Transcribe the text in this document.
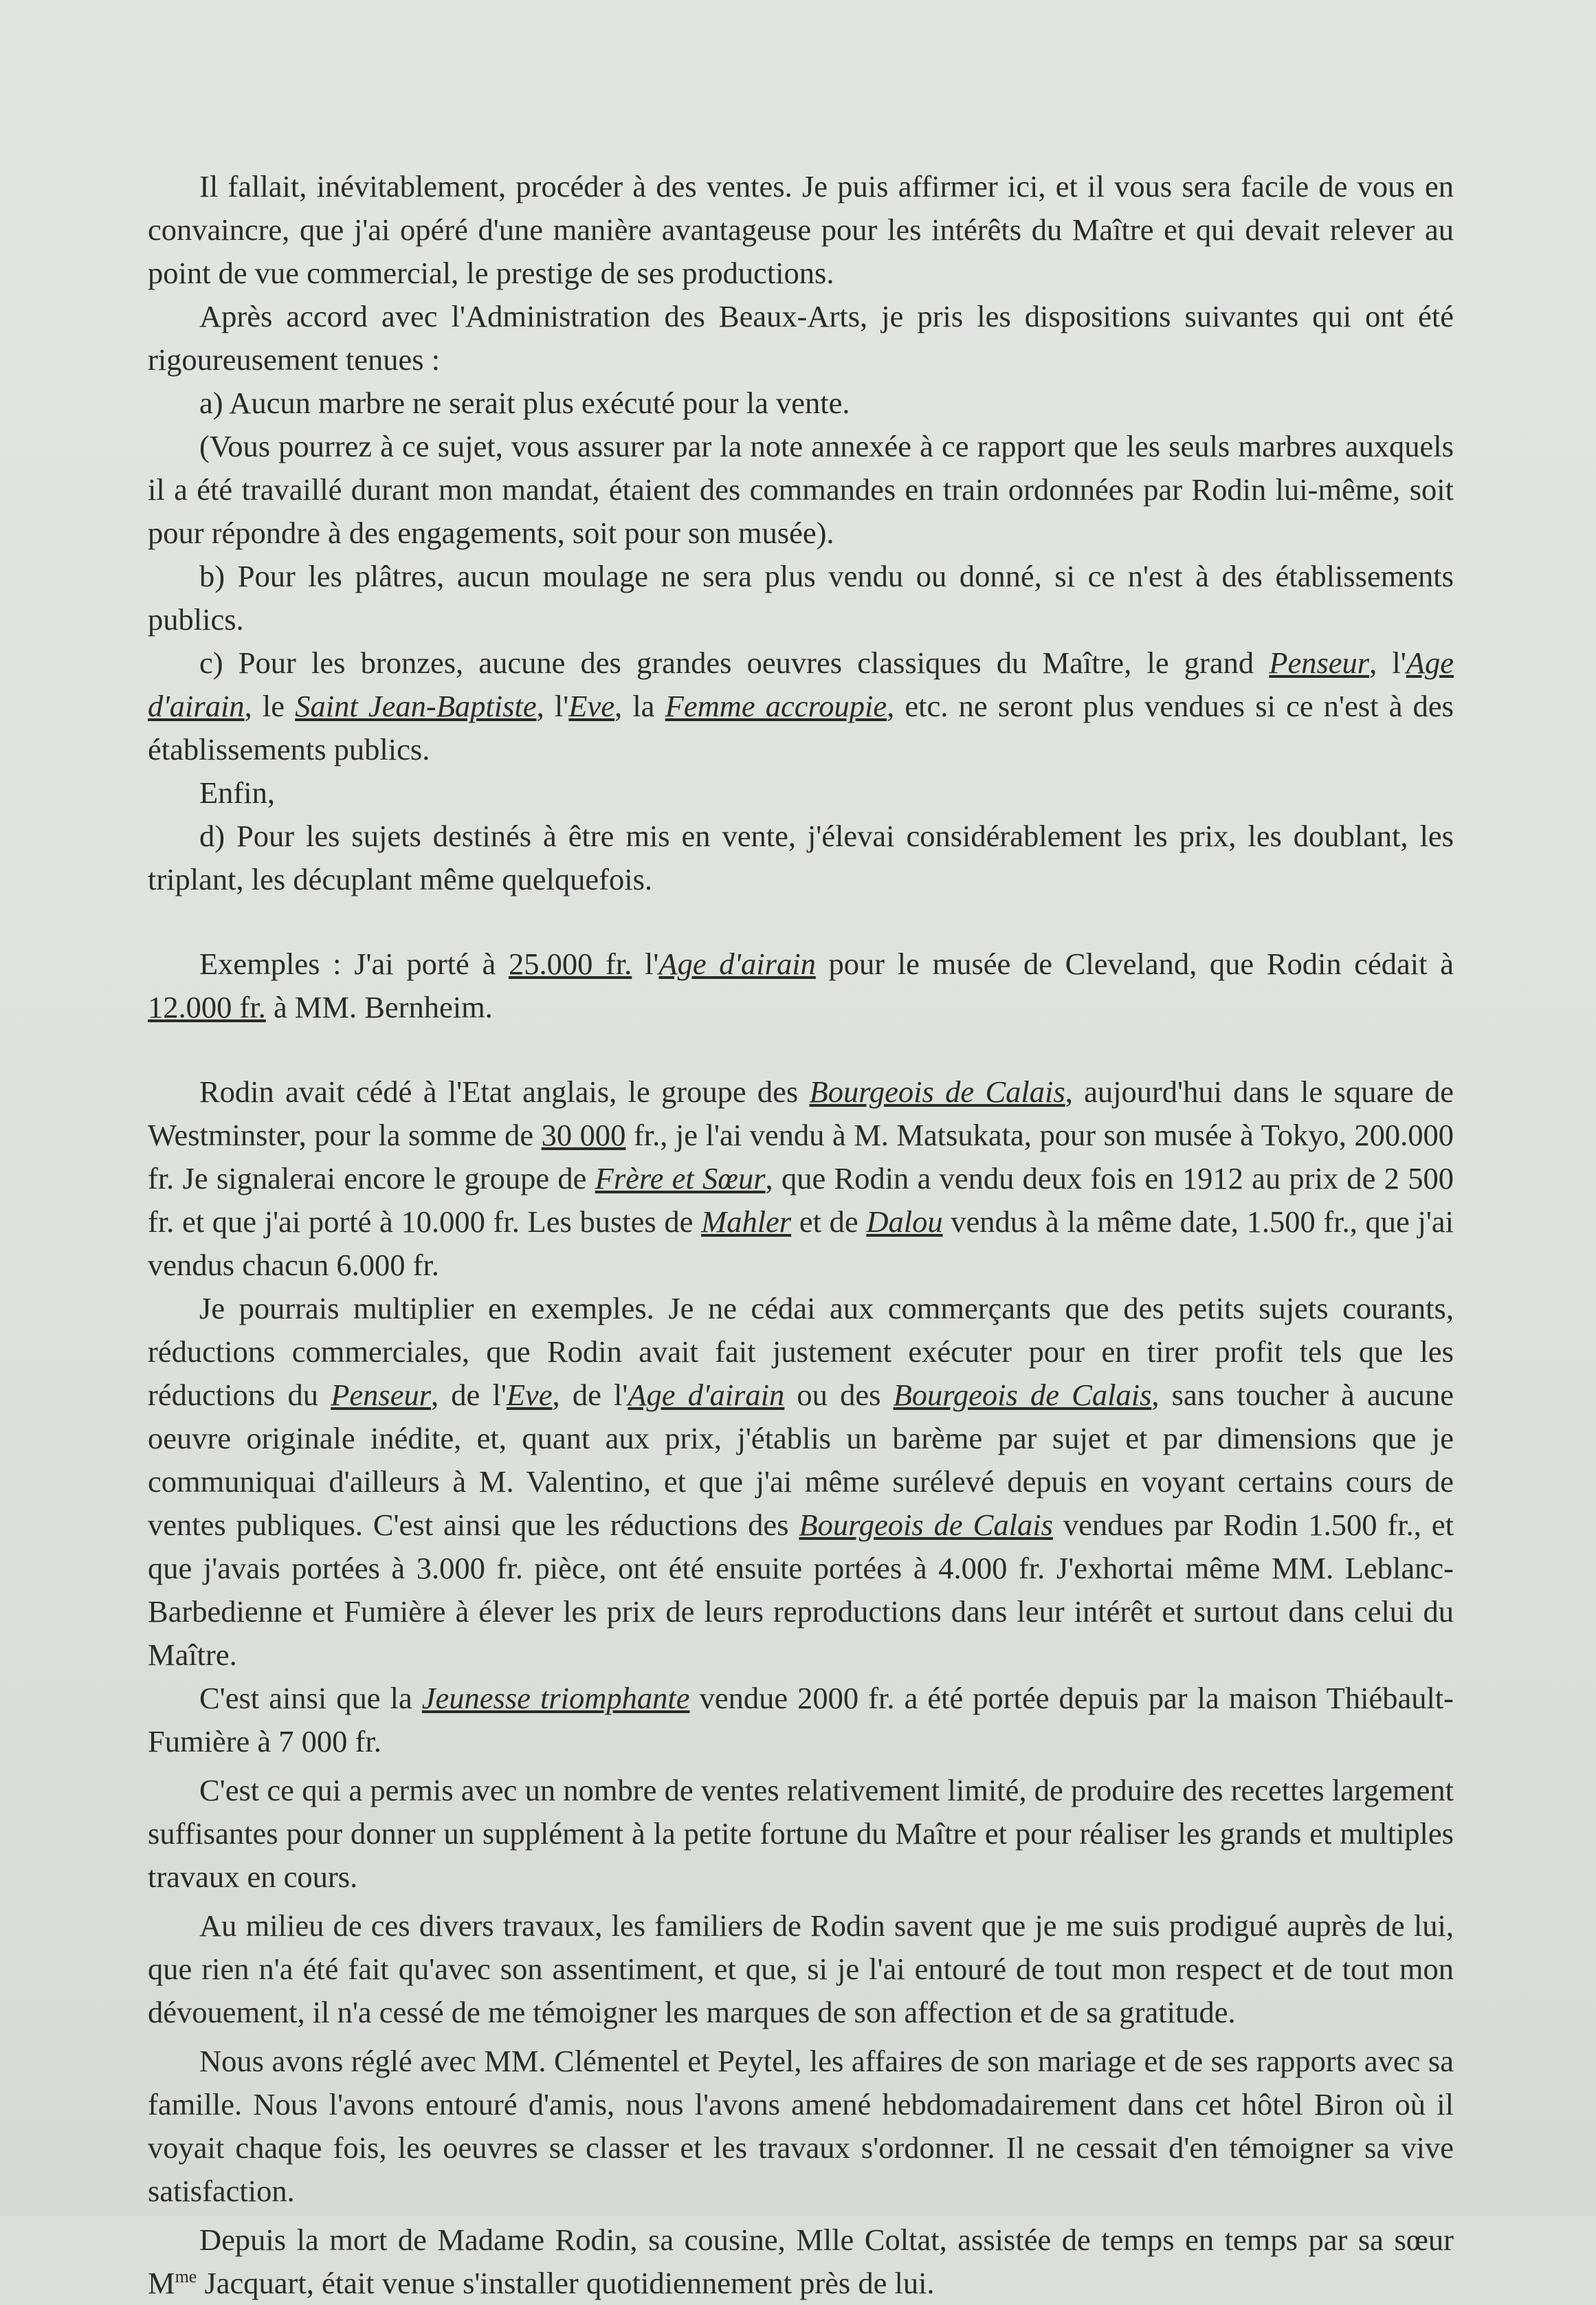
Il fallait, inévitablement, procéder à des ventes. Je puis affirmer ici, et il vous sera facile de vous en convaincre, que j'ai opéré d'une manière avantageuse pour les intérêts du Maître et qui devait relever au point de vue commercial, le prestige de ses productions.

Après accord avec l'Administration des Beaux-Arts, je pris les dispositions suivantes qui ont été rigoureusement tenues :

a) Aucun marbre ne serait plus exécuté pour la vente.

(Vous pourrez à ce sujet, vous assurer par la note annexée à ce rapport que les seuls marbres auxquels il a été travaillé durant mon mandat, étaient des commandes en train ordonnées par Rodin lui-même, soit pour répondre à des engagements, soit pour son musée).

b) Pour les plâtres, aucun moulage ne sera plus vendu ou donné, si ce n'est à des établissements publics.

c) Pour les bronzes, aucune des grandes oeuvres classiques du Maître, le grand Penseur, l'Age d'airain, le Saint Jean-Baptiste, l'Eve, la Femme accroupie, etc. ne seront plus vendues si ce n'est à des établissements publics.

Enfin,

d) Pour les sujets destinés à être mis en vente, j'élevai considérablement les prix, les doublant, les triplant, les décuplant même quelquefois.

Exemples : J'ai porté à 25.000 fr. l'Age d'airain pour le musée de Cleveland, que Rodin cédait à 12.000 fr. à MM. Bernheim.

Rodin avait cédé à l'Etat anglais, le groupe des Bourgeois de Calais, aujourd'hui dans le square de Westminster, pour la somme de 30 000 fr., je l'ai vendu à M. Matsukata, pour son musée à Tokyo, 200.000 fr. Je signalerai encore le groupe de Frère et Sœur, que Rodin a vendu deux fois en 1912 au prix de 2 500 fr. et que j'ai porté à 10.000 fr. Les bustes de Mahler et de Dalou vendus à la même date, 1.500 fr., que j'ai vendus chacun 6.000 fr.

Je pourrais multiplier en exemples. Je ne cédai aux commerçants que des petits sujets courants, réductions commerciales, que Rodin avait fait justement exécuter pour en tirer profit tels que les réductions du Penseur, de l'Eve, de l'Age d'airain ou des Bourgeois de Calais, sans toucher à aucune oeuvre originale inédite, et, quant aux prix, j'établis un barème par sujet et par dimensions que je communiquai d'ailleurs à M. Valentino, et que j'ai même surélevé depuis en voyant certains cours de ventes publiques. C'est ainsi que les réductions des Bourgeois de Calais vendues par Rodin 1.500 fr., et que j'avais portées à 3.000 fr. pièce, ont été ensuite portées à 4.000 fr. J'exhortai même MM. Leblanc-Barbedienne et Fumière à élever les prix de leurs reproductions dans leur intérêt et surtout dans celui du Maître.

C'est ainsi que la Jeunesse triomphante vendue 2000 fr. a été portée depuis par la maison Thiébault-Fumière à 7 000 fr.

C'est ce qui a permis avec un nombre de ventes relativement limité, de produire des recettes largement suffisantes pour donner un supplément à la petite fortune du Maître et pour réaliser les grands et multiples travaux en cours.

Au milieu de ces divers travaux, les familiers de Rodin savent que je me suis prodigué auprès de lui, que rien n'a été fait qu'avec son assentiment, et que, si je l'ai entouré de tout mon respect et de tout mon dévouement, il n'a cessé de me témoigner les marques de son affection et de sa gratitude.

Nous avons réglé avec MM. Clémentel et Peytel, les affaires de son mariage et de ses rapports avec sa famille. Nous l'avons entouré d'amis, nous l'avons amené hebdomadairement dans cet hôtel Biron où il voyait chaque fois, les oeuvres se classer et les travaux s'ordonner. Il ne cessait d'en témoigner sa vive satisfaction.

Depuis la mort de Madame Rodin, sa cousine, Mlle Coltat, assistée de temps en temps par sa sœur $M^{me}$ Jacquart, était venue s'installer quotidiennement près de lui.
